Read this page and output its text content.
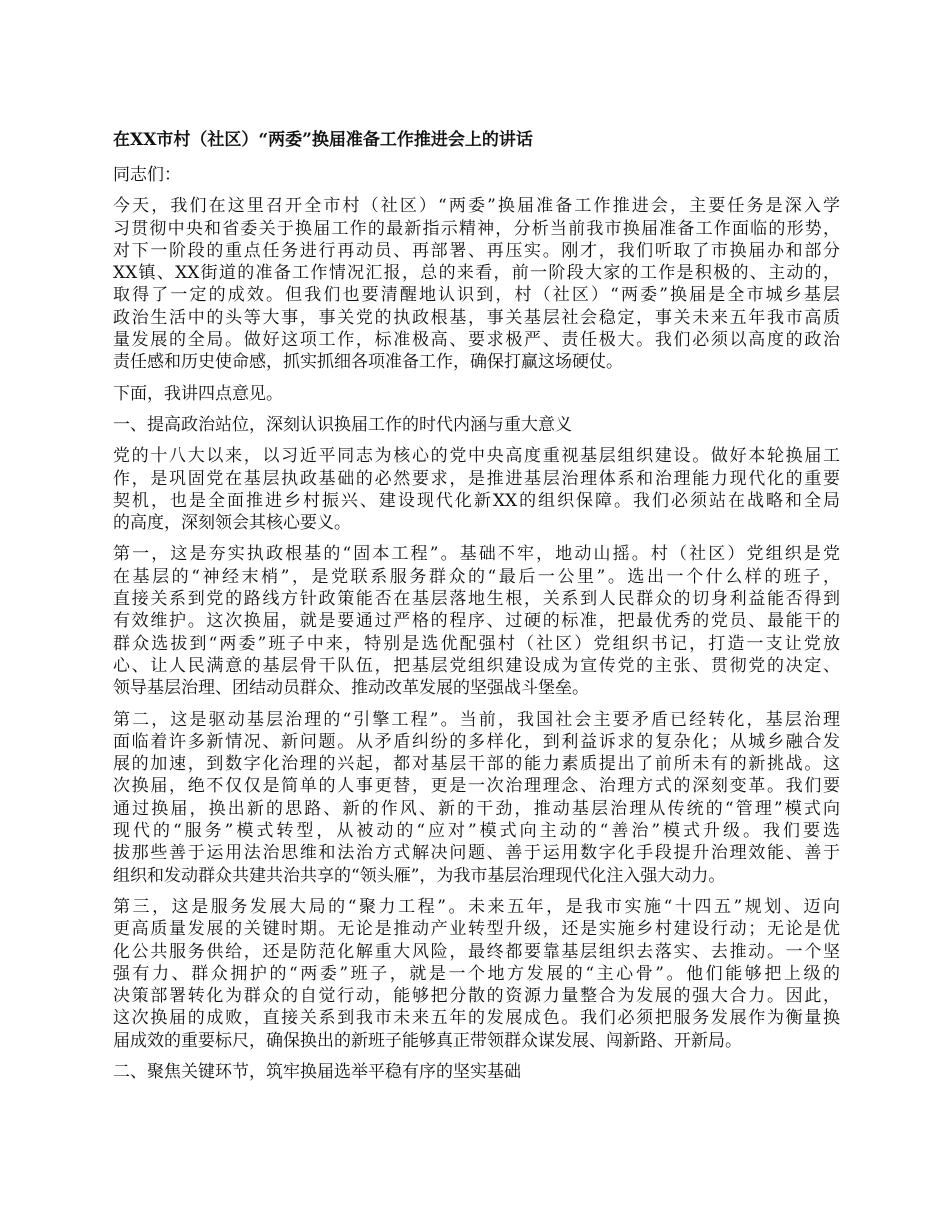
在XX市村（社区）“两委”换届准备工作推进会上的讲话
同志们：
今天，我们在这里召开全市村（社区）“两委”换届准备工作推进会，主要任务是深入学
习贯彻中央和省委关于换届工作的最新指示精神，分析当前我市换届准备工作面临的形势，
对下一阶段的重点任务进行再动员、再部署、再压实。刚才，我们听取了市换届办和部分
XX镇、XX街道的准备工作情况汇报，总的来看，前一阶段大家的工作是积极的、主动的，
取得了一定的成效。但我们也要清醒地认识到，村（社区）“两委”换届是全市城乡基层
政治生活中的头等大事，事关党的执政根基，事关基层社会稳定，事关未来五年我市高质
量发展的全局。做好这项工作，标准极高、要求极严、责任极大。我们必须以高度的政治
责任感和历史使命感，抓实抓细各项准备工作，确保打赢这场硬仗。
下面，我讲四点意见。
一、提高政治站位，深刻认识换届工作的时代内涵与重大意义
党的十八大以来，以习近平同志为核心的党中央高度重视基层组织建设。做好本轮换届工
作，是巩固党在基层执政基础的必然要求，是推进基层治理体系和治理能力现代化的重要
契机，也是全面推进乡村振兴、建设现代化新XX的组织保障。我们必须站在战略和全局
的高度，深刻领会其核心要义。
第一，这是夯实执政根基的“固本工程”。基础不牢，地动山摇。村（社区）党组织是党
在基层的“神经末梢”，是党联系服务群众的“最后一公里”。选出一个什么样的班子，
直接关系到党的路线方针政策能否在基层落地生根，关系到人民群众的切身利益能否得到
有效维护。这次换届，就是要通过严格的程序、过硬的标准，把最优秀的党员、最能干的
群众选拔到“两委”班子中来，特别是选优配强村（社区）党组织书记，打造一支让党放
心、让人民满意的基层骨干队伍，把基层党组织建设成为宣传党的主张、贯彻党的决定、
领导基层治理、团结动员群众、推动改革发展的坚强战斗堡垒。
第二，这是驱动基层治理的“引擎工程”。当前，我国社会主要矛盾已经转化，基层治理
面临着许多新情况、新问题。从矛盾纠纷的多样化，到利益诉求的复杂化；从城乡融合发
展的加速，到数字化治理的兴起，都对基层干部的能力素质提出了前所未有的新挑战。这
次换届，绝不仅仅是简单的人事更替，更是一次治理理念、治理方式的深刻变革。我们要
通过换届，换出新的思路、新的作风、新的干劲，推动基层治理从传统的“管理”模式向
现代的“服务”模式转型，从被动的“应对”模式向主动的“善治”模式升级。我们要选
拔那些善于运用法治思维和法治方式解决问题、善于运用数字化手段提升治理效能、善于
组织和发动群众共建共治共享的“领头雁”，为我市基层治理现代化注入强大动力。
第三，这是服务发展大局的“聚力工程”。未来五年，是我市实施“十四五”规划、迈向
更高质量发展的关键时期。无论是推动产业转型升级，还是实施乡村建设行动；无论是优
化公共服务供给，还是防范化解重大风险，最终都要靠基层组织去落实、去推动。一个坚
强有力、群众拥护的“两委”班子，就是一个地方发展的“主心骨”。他们能够把上级的
决策部署转化为群众的自觉行动，能够把分散的资源力量整合为发展的强大合力。因此，
这次换届的成败，直接关系到我市未来五年的发展成色。我们必须把服务发展作为衡量换
届成效的重要标尺，确保换出的新班子能够真正带领群众谋发展、闯新路、开新局。
二、聚焦关键环节，筑牢换届选举平稳有序的坚实基础
